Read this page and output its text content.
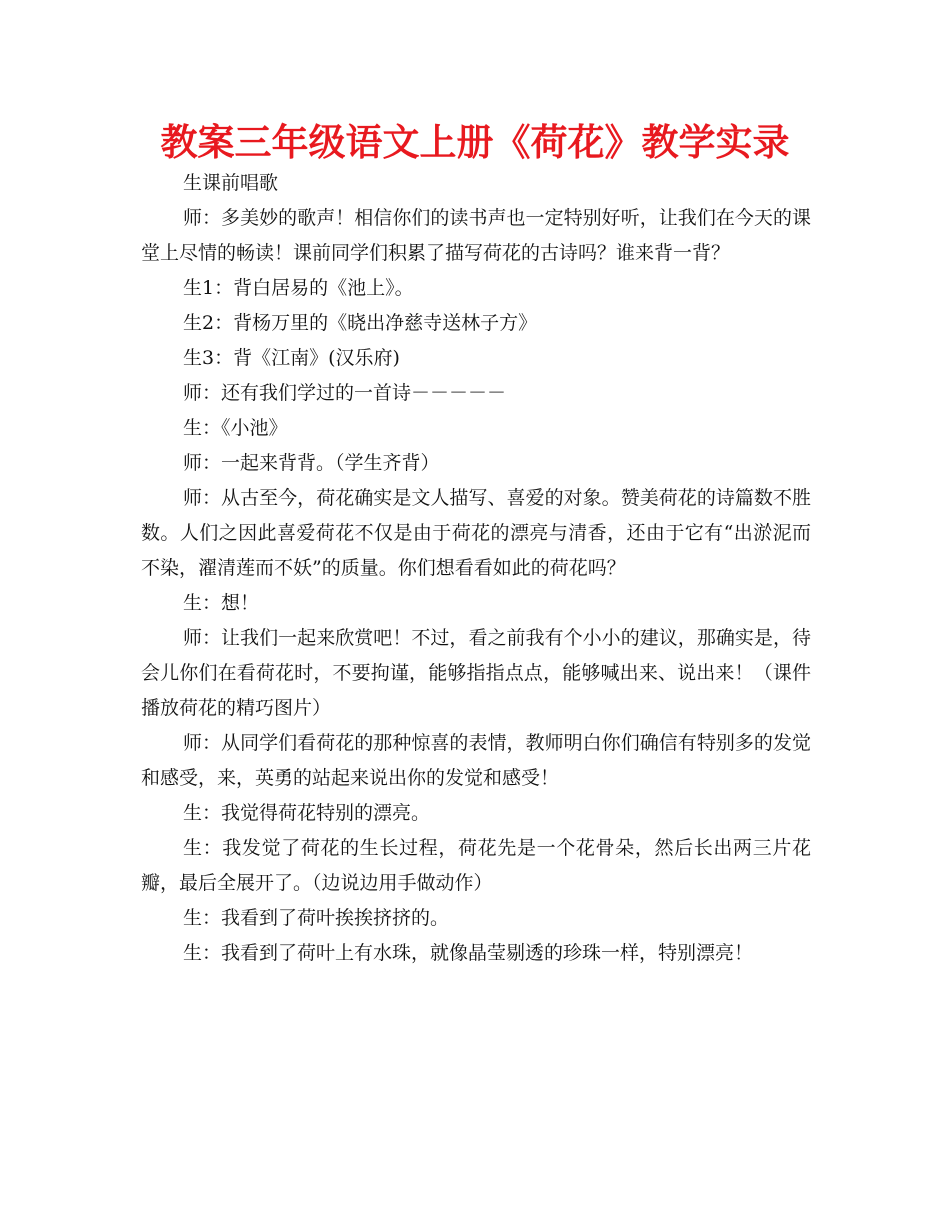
教案三年级语文上册《荷花》教学实录

生课前唱歌

师：多美妙的歌声！相信你们的读书声也一定特别好听，让我们在今天的课堂上尽情的畅读！课前同学们积累了描写荷花的古诗吗？谁来背一背？

生1：背白居易的《池上》。

生2：背杨万里的《晓出净慈寺送林子方》

生3：背《江南》(汉乐府)

师：还有我们学过的一首诗－－－－－

生：《小池》

师：一起来背背。（学生齐背）

师：从古至今，荷花确实是文人描写、喜爱的对象。赞美荷花的诗篇数不胜数。人们之因此喜爱荷花不仅是由于荷花的漂亮与清香，还由于它有“出淤泥而不染，濯清莲而不妖”的质量。你们想看看如此的荷花吗？

生：想！

师：让我们一起来欣赏吧！不过，看之前我有个小小的建议，那确实是，待会儿你们在看荷花时，不要拘谨，能够指指点点，能够喊出来、说出来！（课件播放荷花的精巧图片）

师：从同学们看荷花的那种惊喜的表情，教师明白你们确信有特别多的发觉和感受，来，英勇的站起来说出你的发觉和感受！

生：我觉得荷花特别的漂亮。

生：我发觉了荷花的生长过程，荷花先是一个花骨朵，然后长出两三片花瓣，最后全展开了。（边说边用手做动作）

生：我看到了荷叶挨挨挤挤的。

生：我看到了荷叶上有水珠，就像晶莹剔透的珍珠一样，特别漂亮！
